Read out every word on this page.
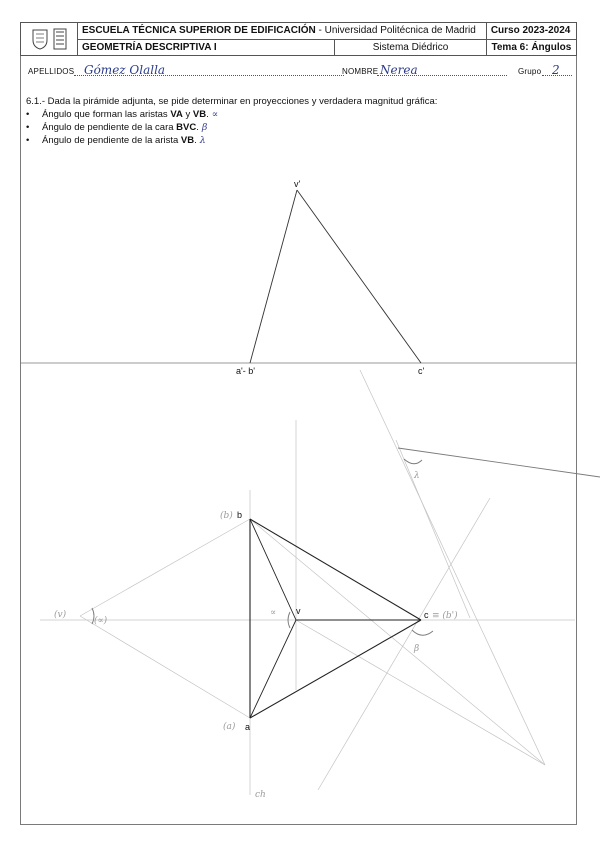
	ESCUELA TÉCNICA SUPERIOR DE EDIFICACIÓN - Universidad Politécnica de Madrid		Curso 2023-2024
	GEOMETRÍA DESCRIPTIVA I	Sistema Diédrico	Tema 6: Ángulos
APELLIDOS Gómez Olalla	NOMBRE Nerea	Grupo 2
6.1.- Dada la pirámide adjunta, se pide determinar en proyecciones y verdadera magnitud gráfica:
•	Ángulo que forman las aristas VA y VB. ∝
•	Ángulo de pendiente de la cara BVC. β
•	Ángulo de pendiente de la arista VB. λ
v'
a'- b'	c'
b
a
v	c ≡ (b')
(v)
(∝)
(b)
(a)
ch
λ
β
∝
